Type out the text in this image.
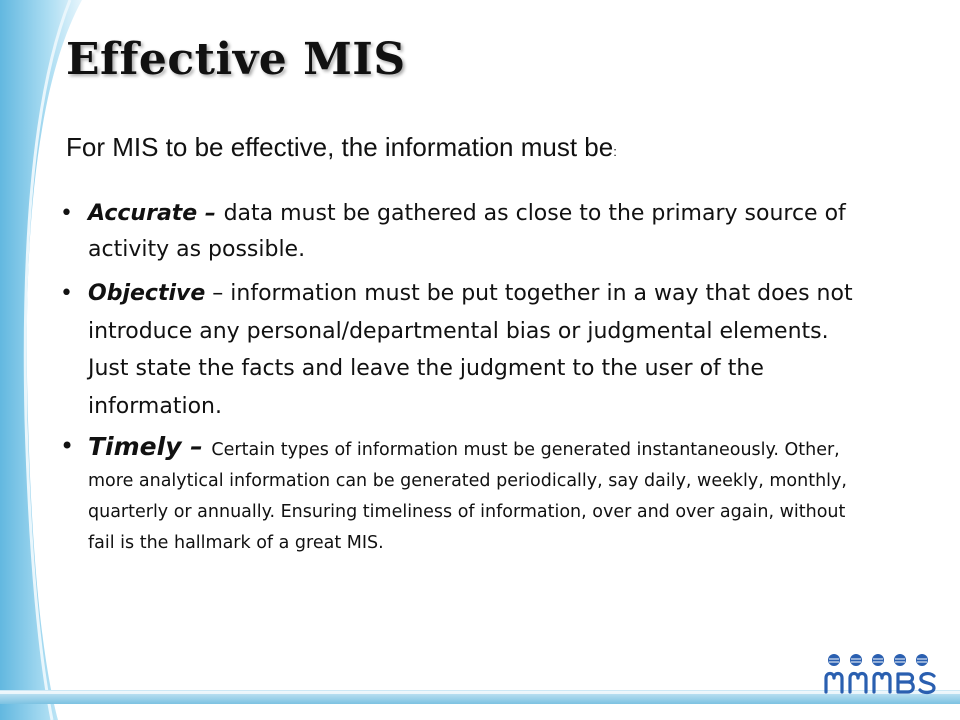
Effective MIS
For MIS to be effective, the information must be:
• Accurate – data must be gathered as close to the primary source of activity as possible.
• Objective – information must be put together in a way that does not introduce any personal/departmental bias or judgmental elements. Just state the facts and leave the judgment to the user of the information.
• Timely – Certain types of information must be generated instantaneously. Other, more analytical information can be generated periodically, say daily, weekly, monthly, quarterly or annually. Ensuring timeliness of information, over and over again, without fail is the hallmark of a great MIS.
